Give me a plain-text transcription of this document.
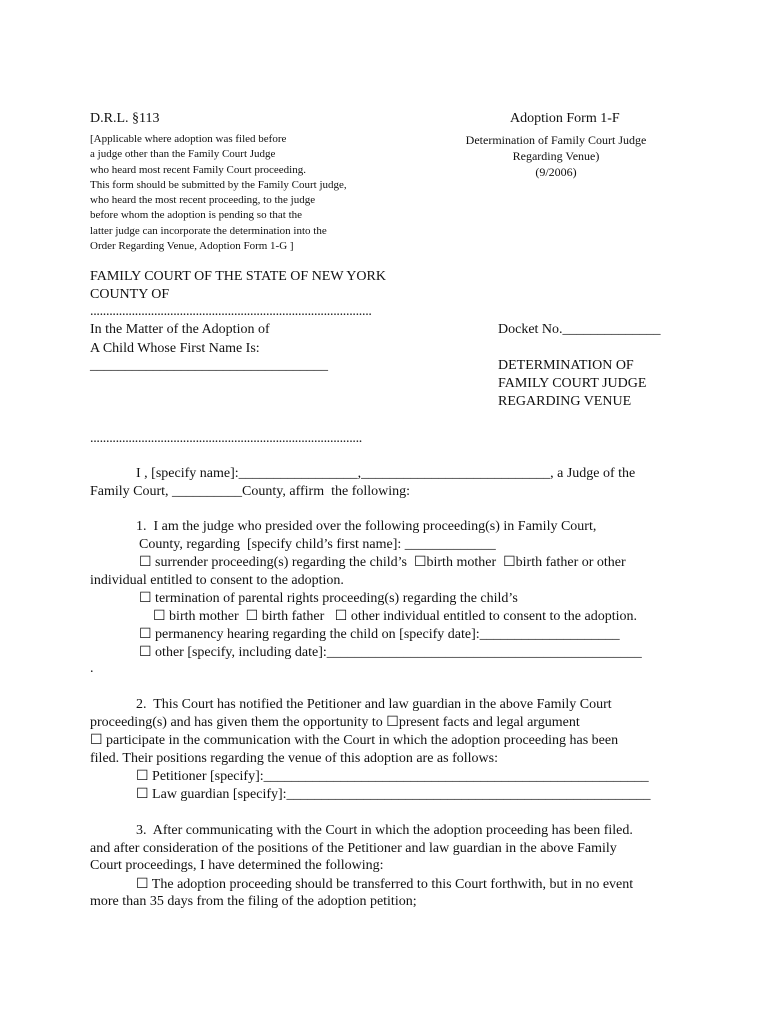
D.R.L. §113	Adoption Form 1-F
[Applicable where adoption was filed before
a judge other than the Family Court Judge
who heard most recent Family Court proceeding.
This form should be submitted by the Family Court judge,
who heard the most recent proceeding, to the judge
before whom the adoption is pending so that the
latter judge can incorporate the determination into the
Order Regarding Venue, Adoption Form 1-G ]
Determination of Family Court Judge
Regarding Venue)
(9/2006)
FAMILY COURT OF THE STATE OF NEW YORK
COUNTY OF
........................................................................................
In the Matter of the Adoption of
A Child Whose First Name Is:
__________________________________
Docket No.______________
DETERMINATION OF
FAMILY COURT JUDGE
REGARDING VENUE
.....................................................................................
I , [specify name]:_________________,___________________________, a Judge of the
Family Court, __________County, affirm  the following:
1.  I am the judge who presided over the following proceeding(s) in Family Court,
County, regarding  [specify child’s first name]: _____________
☐ surrender proceeding(s) regarding the child’s  ☐birth mother  ☐birth father or other
individual entitled to consent to the adoption.
☐ termination of parental rights proceeding(s) regarding the child’s
☐ birth mother  ☐ birth father   ☐ other individual entitled to consent to the adoption.
☐ permanency hearing regarding the child on [specify date]:____________________
☐ other [specify, including date]:_____________________________________________
.
2.  This Court has notified the Petitioner and law guardian in the above Family Court
proceeding(s) and has given them the opportunity to ☐present facts and legal argument
☐ participate in the communication with the Court in which the adoption proceeding has been
filed. Their positions regarding the venue of this adoption are as follows:
☐ Petitioner [specify]:_______________________________________________________
☐ Law guardian [specify]:____________________________________________________
3.  After communicating with the Court in which the adoption proceeding has been filed.
and after consideration of the positions of the Petitioner and law guardian in the above Family
Court proceedings, I have determined the following:
☐ The adoption proceeding should be transferred to this Court forthwith, but in no event
more than 35 days from the filing of the adoption petition;
